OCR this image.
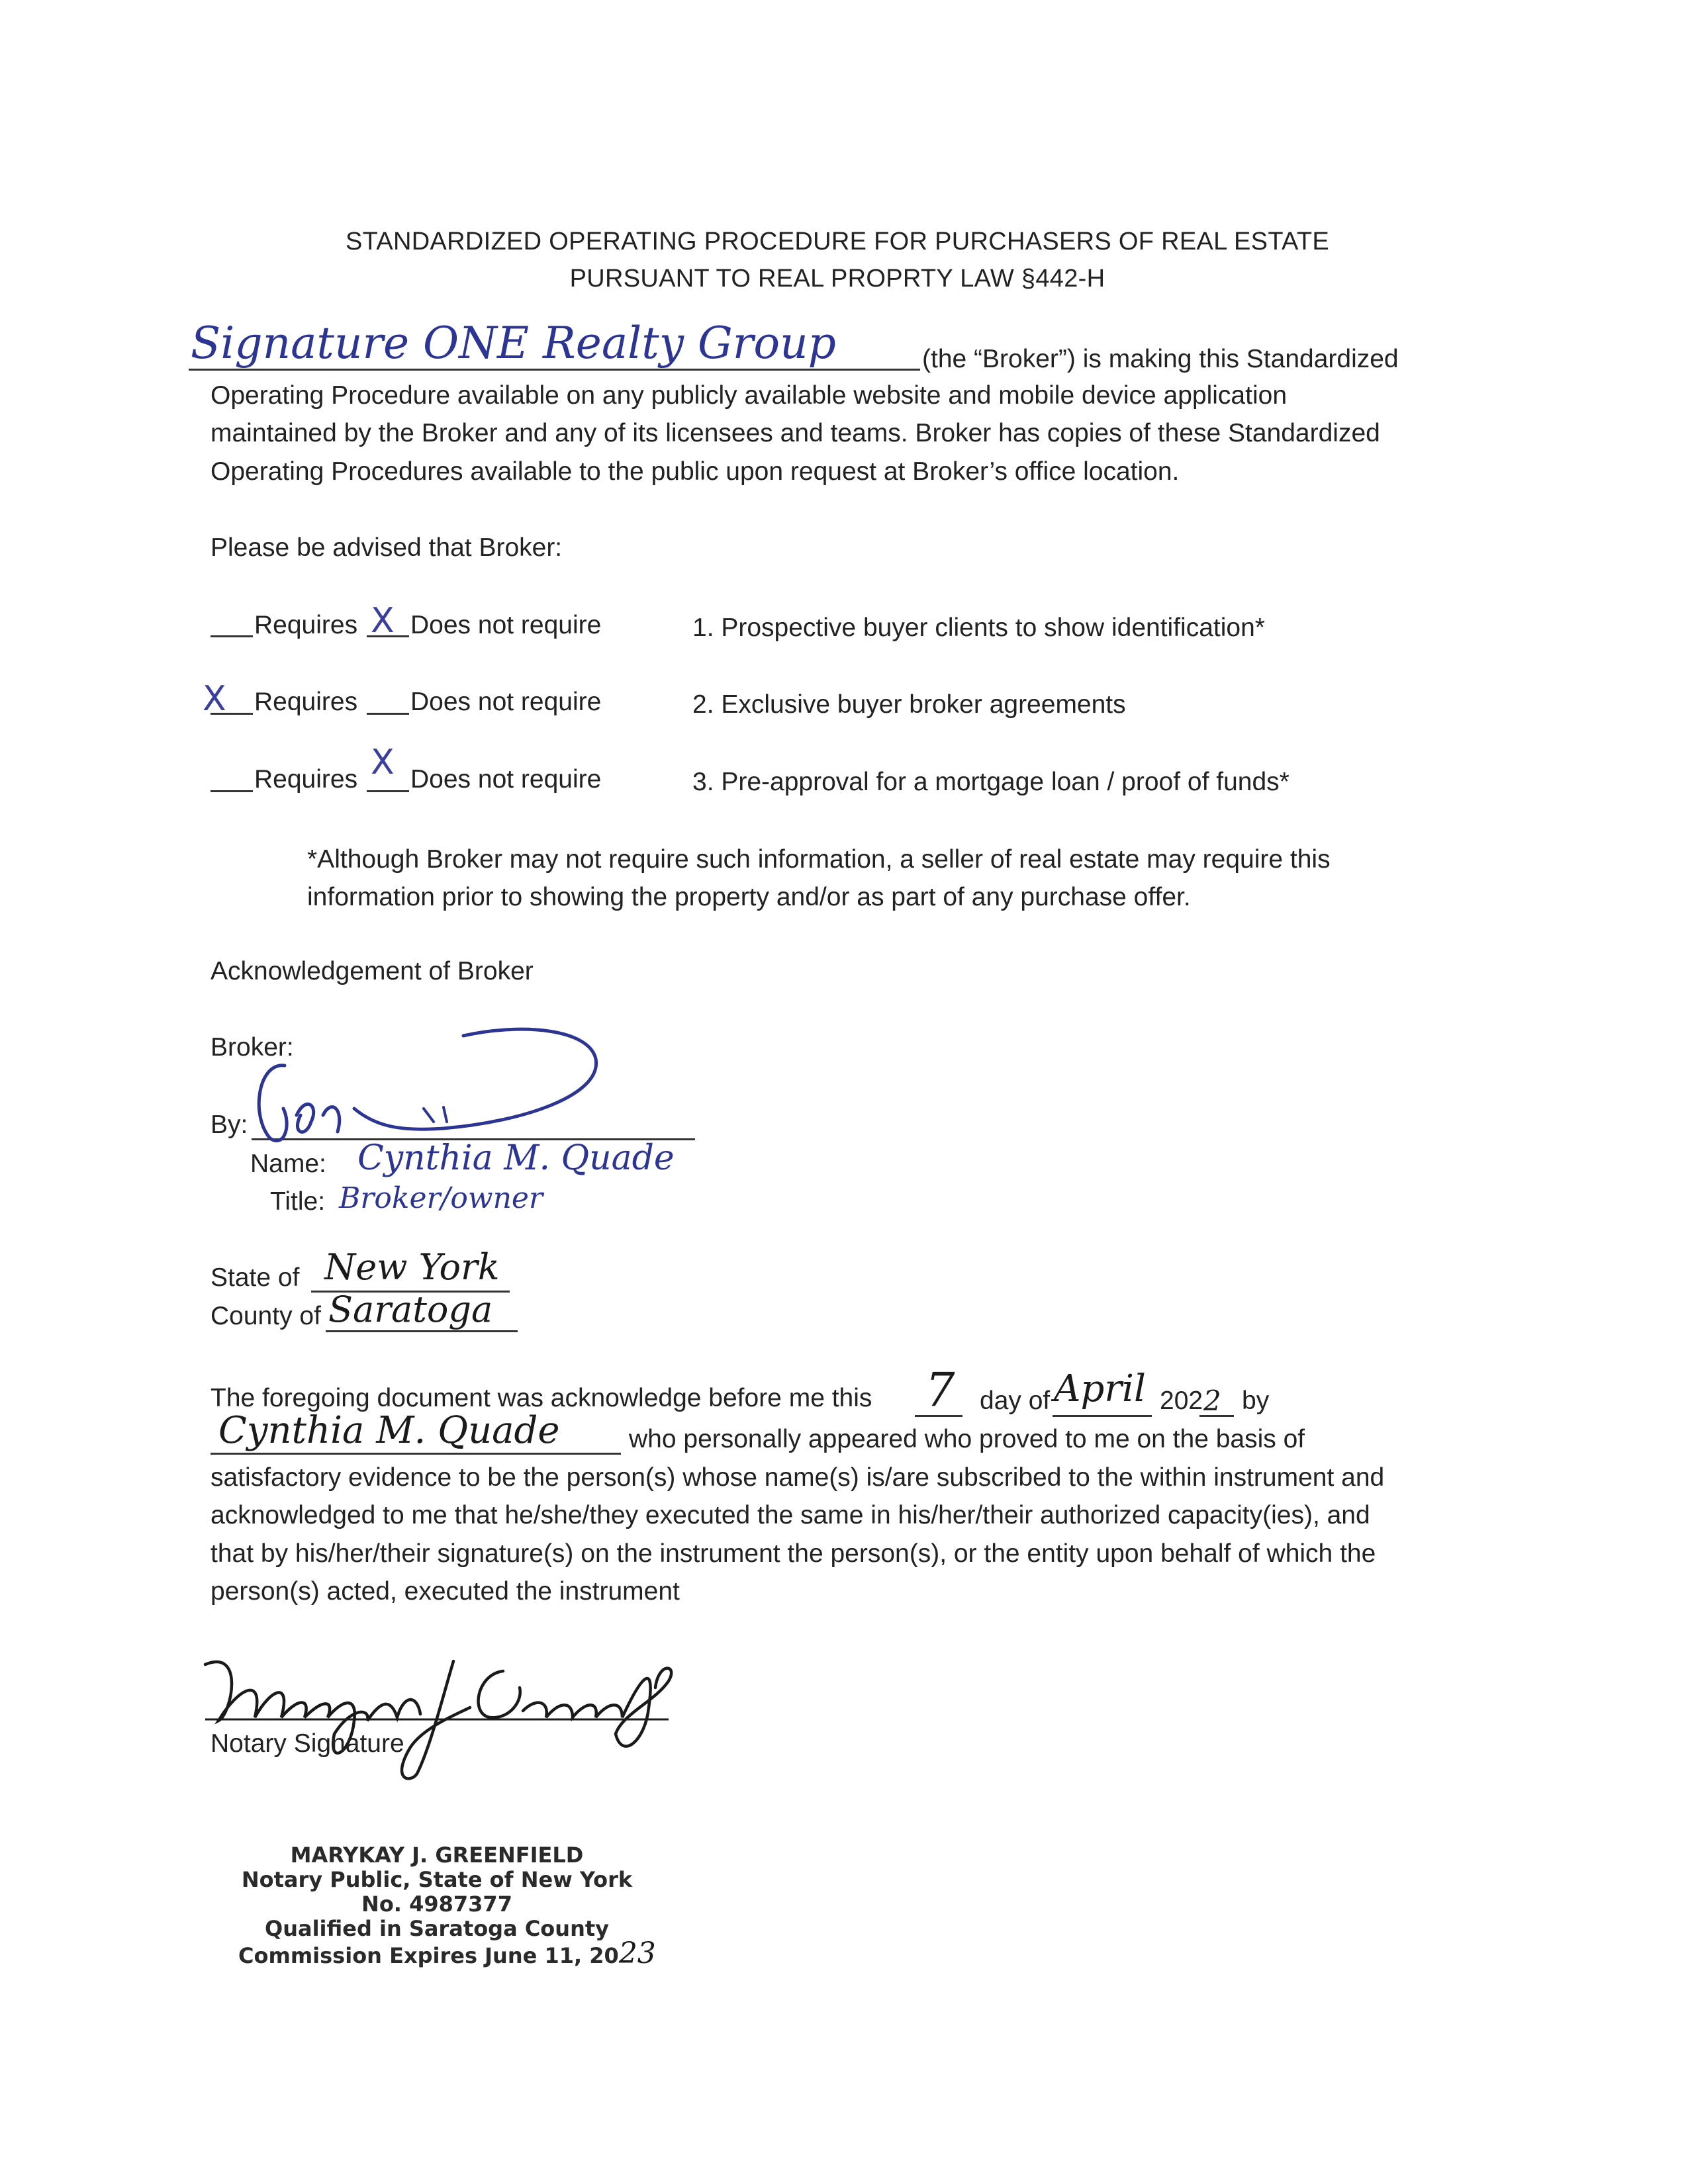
STANDARDIZED OPERATING PROCEDURE FOR PURCHASERS OF REAL ESTATE
PURSUANT TO REAL PROPRTY LAW §442-H
Signature ONE Realty Group	(the “Broker”) is making this Standardized
Operating Procedure available on any publicly available website and mobile device application
maintained by the Broker and any of its licensees and teams. Broker has copies of these Standardized
Operating Procedures available to the public upon request at Broker’s office location.
Please be advised that Broker:
Requires X Does not require	1. Prospective buyer clients to show identification*
X Requires Does not require	2. Exclusive buyer broker agreements
Requires X Does not require	3. Pre-approval for a mortgage loan / proof of funds*
*Although Broker may not require such information, a seller of real estate may require this
information prior to showing the property and/or as part of any purchase offer.
Acknowledgement of Broker
Broker:
By:
Name: Cynthia M. Quade
Title: Broker/owner
State of New York
County of Saratoga
The foregoing document was acknowledge before me this 7 day of April 202 2 by
Cynthia M. Quade	who personally appeared who proved to me on the basis of
satisfactory evidence to be the person(s) whose name(s) is/are subscribed to the within instrument and
acknowledged to me that he/she/they executed the same in his/her/their authorized capacity(ies), and
that by his/her/their signature(s) on the instrument the person(s), or the entity upon behalf of which the
person(s) acted, executed the instrument
Notary Signature
MARYKAY J. GREENFIELD
Notary Public, State of New York
No. 4987377
Qualified in Saratoga County
Commission Expires June 11, 2023
